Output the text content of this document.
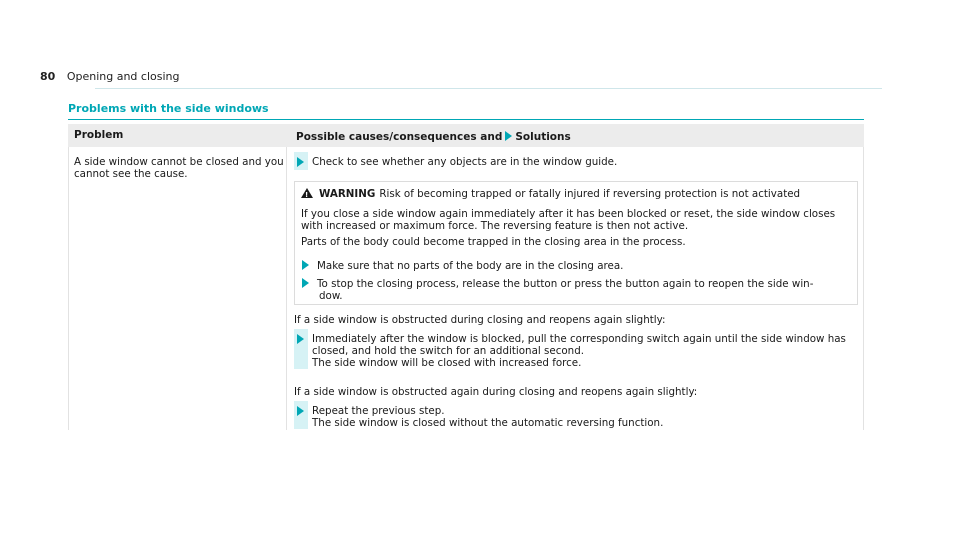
80 Opening and closing
Problems with the side windows
Problem	Possible causes/consequences and Solutions
A side window cannot be closed and you cannot see the cause.
Check to see whether any objects are in the window guide.
!WARNING Risk of becoming trapped or fatally injured if reversing protection is not activated
If you close a side window again immediately after it has been blocked or reset, the side window closes
with increased or maximum force. The reversing feature is then not active.
Parts of the body could become trapped in the closing area in the process.
Make sure that no parts of the body are in the closing area.
To stop the closing process, release the button or press the button again to reopen the side win-
dow.
If a side window is obstructed during closing and reopens again slightly:
Immediately after the window is blocked, pull the corresponding switch again until the side window has
closed, and hold the switch for an additional second.
The side window will be closed with increased force.
If a side window is obstructed again during closing and reopens again slightly:
Repeat the previous step.
The side window is closed without the automatic reversing function.
